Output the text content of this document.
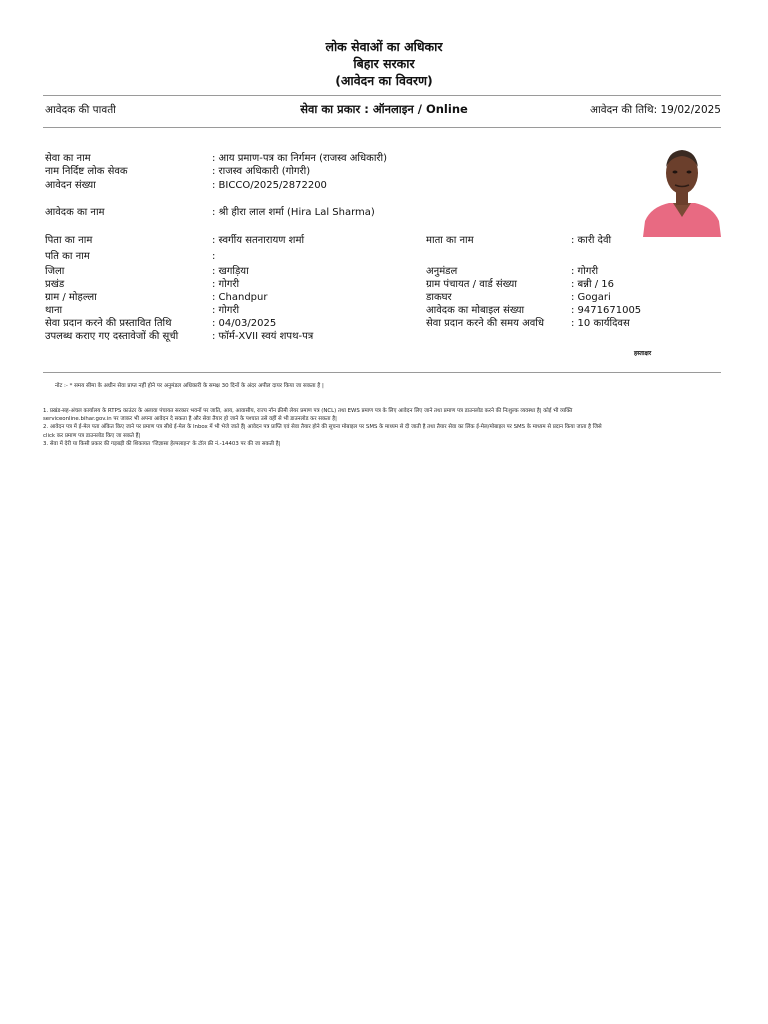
लोक सेवाओं का अधिकार
बिहार सरकार
(आवेदन का विवरण)
आवेदक की पावती	सेवा का प्रकार : ऑनलाइन / Online	आवेदन की तिथि: 19/02/2025
सेवा का नाम	: आय प्रमाण-पत्र का निर्गमन (राजस्व अधिकारी)
नाम निर्दिष्ट लोक सेवक	: राजस्व अधिकारी (गोगरी)
आवेदन संख्या	: BICCO/2025/2872200
आवेदक का नाम	: श्री हीरा लाल शर्मा (Hira Lal Sharma)
पिता का नाम	: स्वर्गीय सतनारायण शर्मा	माता का नाम	: कारी देवी
पति का नाम	:
जिला	: खगड़िया	अनुमंडल	: गोगरी
प्रखंड	: गोगरी	ग्राम पंचायत / वार्ड संख्या	: बन्नी / 16
ग्राम / मोहल्ला	: Chandpur	डाकघर	: Gogari
थाना	: गोगरी	आवेदक का मोबाइल संख्या	: 9471671005
सेवा प्रदान करने की प्रस्तावित तिथि	: 04/03/2025	सेवा प्रदान करने की समय अवधि	: 10 कार्यदिवस
उपलब्ध कराए गए दस्तावेजों की सूची	: फॉर्म-XVII स्वयं शपथ-पत्र
हस्ताक्षर
नोट :- * समय सीमा के अधीन सेवा प्राप्त नहीं होने पर अनुमंडल अधिकारी के समक्ष 30 दिनों के अंदर अपील दायर किया जा सकता है |
1. प्रखंड-सह-अंचल कार्यालय के RTPS काउंटर के अलावा पंचायत सरकार भवनों पर जाति, आय, आवासीय, राज्य नॉन क्रीमी लेयर प्रमाण पत्र (NCL) तथा EWS प्रमाण पत्र के लिए आवेदन लिए जाने तथा प्रमाण पत्र डाउनलोड करने की निःशुल्क व्यवस्था है| कोई भी व्यक्ति
serviceonline.bihar.gov.in पर जाकर भी अपना आवेदन दे सकता है और सेवा तैयार हो जाने के पश्चात उसे वहीं से भी डाउनलोड कर सकता है|
2. आवेदन पत्र में ई-मेल पता अंकित किए जाने पर प्रमाण पत्र सीधे ई-मेल के Inbox में भी भेजे जाते हैं| आवेदन पत्र प्राप्ति एवं सेवा तैयार होने की सूचना मोबाइल पर SMS के माध्यम से दी जाती है तथा तैयार सेवा का लिंक ई-मेल/मोबाइल पर SMS के माध्यम से प्रदान किया जाता है जिसे
click कर प्रमाण पत्र डाउनलोड किए जा सकते हैं|
3. सेवा में देरी या किसी प्रकार की गड़बड़ी की शिकायत 'जिज्ञासा हेल्पलाइन' के टॉल फ्री नं.-14403 पर की जा सकती है|
